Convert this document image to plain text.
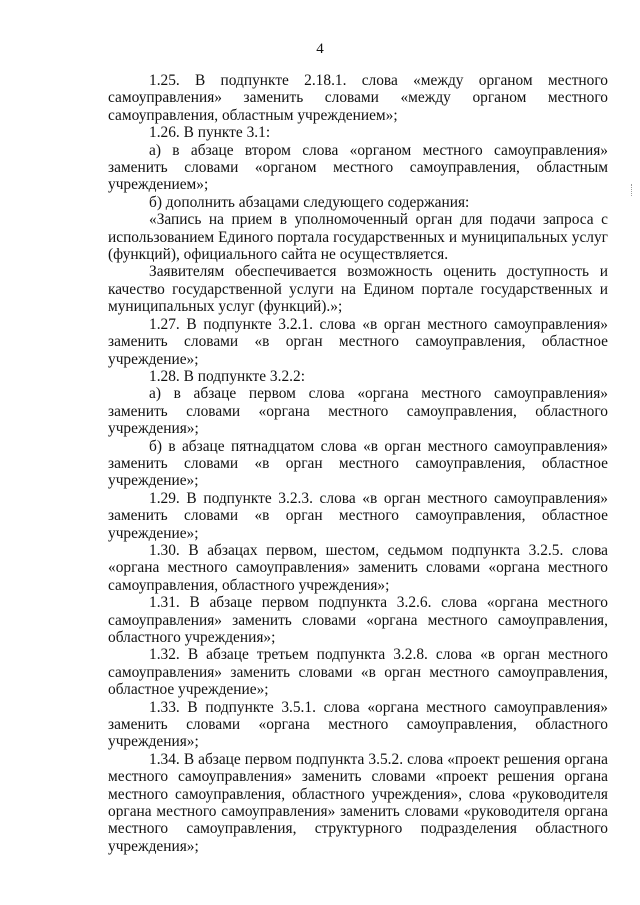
4

1.25. В подпункте 2.18.1. слова «между органом местного самоуправления» заменить словами «между органом местного самоуправления, областным учреждением»;

1.26. В пункте 3.1:

а) в абзаце втором слова «органом местного самоуправления» заменить словами «органом местного самоуправления, областным учреждением»;

б) дополнить абзацами следующего содержания:

«Запись на прием в уполномоченный орган для подачи запроса с использованием Единого портала государственных и муниципальных услуг (функций), официального сайта не осуществляется.

Заявителям обеспечивается возможность оценить доступность и качество государственной услуги на Едином портале государственных и муниципальных услуг (функций).»;

1.27. В подпункте 3.2.1. слова «в орган местного самоуправления» заменить словами «в орган местного самоуправления, областное учреждение»;

1.28. В подпункте 3.2.2:

а) в абзаце первом слова «органа местного самоуправления» заменить словами «органа местного самоуправления, областного учреждения»;

б) в абзаце пятнадцатом слова «в орган местного самоуправления» заменить словами «в орган местного самоуправления, областное учреждение»;

1.29. В подпункте 3.2.3. слова «в орган местного самоуправления» заменить словами «в орган местного самоуправления, областное учреждение»;

1.30. В абзацах первом, шестом, седьмом подпункта 3.2.5. слова «органа местного самоуправления» заменить словами «органа местного самоуправления, областного учреждения»;

1.31. В абзаце первом подпункта 3.2.6. слова «органа местного самоуправления» заменить словами «органа местного самоуправления, областного учреждения»;

1.32. В абзаце третьем подпункта 3.2.8. слова «в орган местного самоуправления» заменить словами «в орган местного самоуправления, областное учреждение»;

1.33. В подпункте 3.5.1. слова «органа местного самоуправления» заменить словами «органа местного самоуправления, областного учреждения»;

1.34. В абзаце первом подпункта 3.5.2. слова «проект решения органа местного самоуправления» заменить словами «проект решения органа местного самоуправления, областного учреждения», слова «руководителя органа местного самоуправления» заменить словами «руководителя органа местного самоуправления, структурного подразделения областного учреждения»;
